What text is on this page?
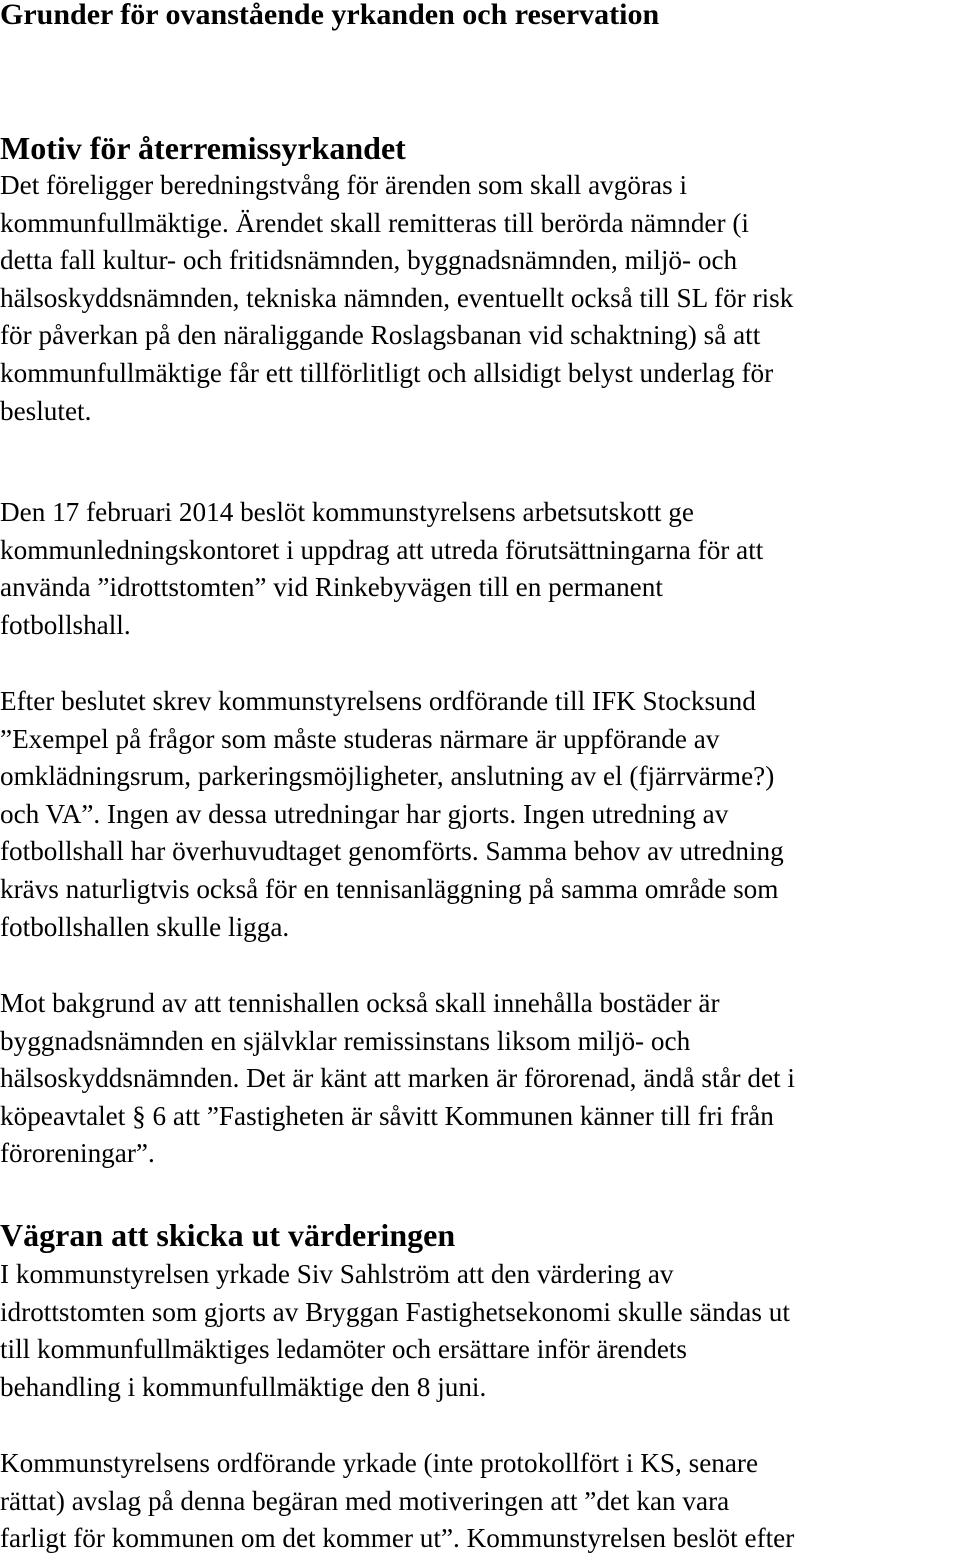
Grunder för ovanstående yrkanden och reservation
Motiv för återremissyrkandet
Det föreligger beredningstvång för ärenden som skall avgöras i
kommunfullmäktige. Ärendet skall remitteras till berörda nämnder (i
detta fall kultur- och fritidsnämnden, byggnadsnämnden, miljö- och
hälsoskyddsnämnden, tekniska nämnden, eventuellt också till SL för risk
för påverkan på den näraliggande Roslagsbanan vid schaktning) så att
kommunfullmäktige får ett tillförlitligt och allsidigt belyst underlag för
beslutet.
Den 17 februari 2014 beslöt kommunstyrelsens arbetsutskott ge
kommunledningskontoret i uppdrag att utreda förutsättningarna för att
använda ”idrottstomten” vid Rinkebyvägen till en permanent
fotbollshall.
Efter beslutet skrev kommunstyrelsens ordförande till IFK Stocksund
”Exempel på frågor som måste studeras närmare är uppförande av
omklädningsrum, parkeringsmöjligheter, anslutning av el (fjärrvärme?)
och VA”. Ingen av dessa utredningar har gjorts. Ingen utredning av
fotbollshall har överhuvudtaget genomförts. Samma behov av utredning
krävs naturligtvis också för en tennisanläggning på samma område som
fotbollshallen skulle ligga.
Mot bakgrund av att tennishallen också skall innehålla bostäder är
byggnadsnämnden en självklar remissinstans liksom miljö- och
hälsoskyddsnämnden. Det är känt att marken är förorenad, ändå står det i
köpeavtalet § 6 att ”Fastigheten är såvitt Kommunen känner till fri från
föroreningar”.
Vägran att skicka ut värderingen
I kommunstyrelsen yrkade Siv Sahlström att den värdering av
idrottstomten som gjorts av Bryggan Fastighetsekonomi skulle sändas ut
till kommunfullmäktiges ledamöter och ersättare inför ärendets
behandling i kommunfullmäktige den 8 juni.
Kommunstyrelsens ordförande yrkade (inte protokollfört i KS, senare
rättat) avslag på denna begäran med motiveringen att ”det kan vara
farligt för kommunen om det kommer ut”. Kommunstyrelsen beslöt efter
